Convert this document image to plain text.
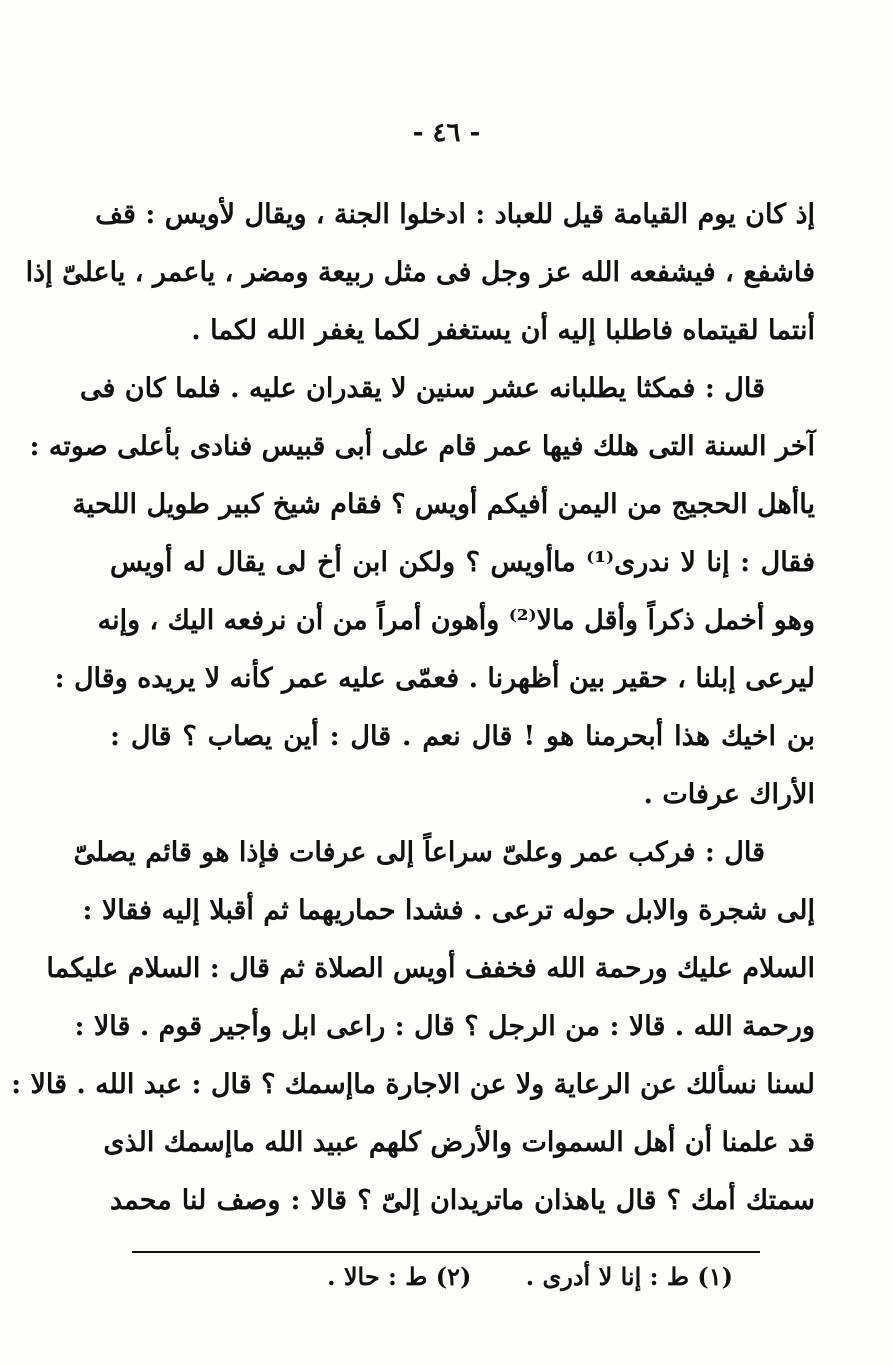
- ٤٦ -
إذ كان يوم القيامة قيل للعباد : ادخلوا الجنة ، ويقال لأويس : قف
فاشفع ، فيشفعه الله عز وجل فى مثل ربيعة ومضر ، ياعمر ، ياعلىّ إذا
أنتما لقيتماه فاطلبا إليه أن يستغفر لكما يغفر الله لكما .
قال : فمكثا يطلبانه عشر سنين لا يقدران عليه . فلما كان فى
آخر السنة التى هلك فيها عمر قام على أبى قبيس فنادى بأعلى صوته :
ياأهل الحجيج من اليمن أفيكم أويس ؟ فقام شيخ كبير طويل اللحية
فقال : إنا لا ندرى⁽¹⁾ ماأويس ؟ ولكن ابن أخ لى يقال له أويس
وهو أخمل ذكراً وأقل مالا⁽²⁾ وأهون أمراً من أن نرفعه اليك ، وإنه
ليرعى إبلنا ، حقير بين أظهرنا . فعمّى عليه عمر كأنه لا يريده وقال :
بن اخيك هذا أبحرمنا هو ! قال نعم . قال : أين يصاب ؟ قال :
الأراك عرفات .
قال : فركب عمر وعلىّ سراعاً إلى عرفات فإذا هو قائم يصلىّ
إلى شجرة والابل حوله ترعى . فشدا حماريهما ثم أقبلا إليه فقالا :
السلام عليك ورحمة الله فخفف أويس الصلاة ثم قال : السلام عليكما
ورحمة الله . قالا : من الرجل ؟ قال : راعى ابل وأجير قوم . قالا :
لسنا نسألك عن الرعاية ولا عن الاجارة ماإسمك ؟ قال : عبد الله . قالا :
قد علمنا أن أهل السموات والأرض كلهم عبيد الله ماإسمك الذى
سمتك أمك ؟ قال ياهذان ماتريدان إلىّ ؟ قالا : وصف لنا محمد
(١) ط : إنا لا أدرى . (٢) ط : حالا .
